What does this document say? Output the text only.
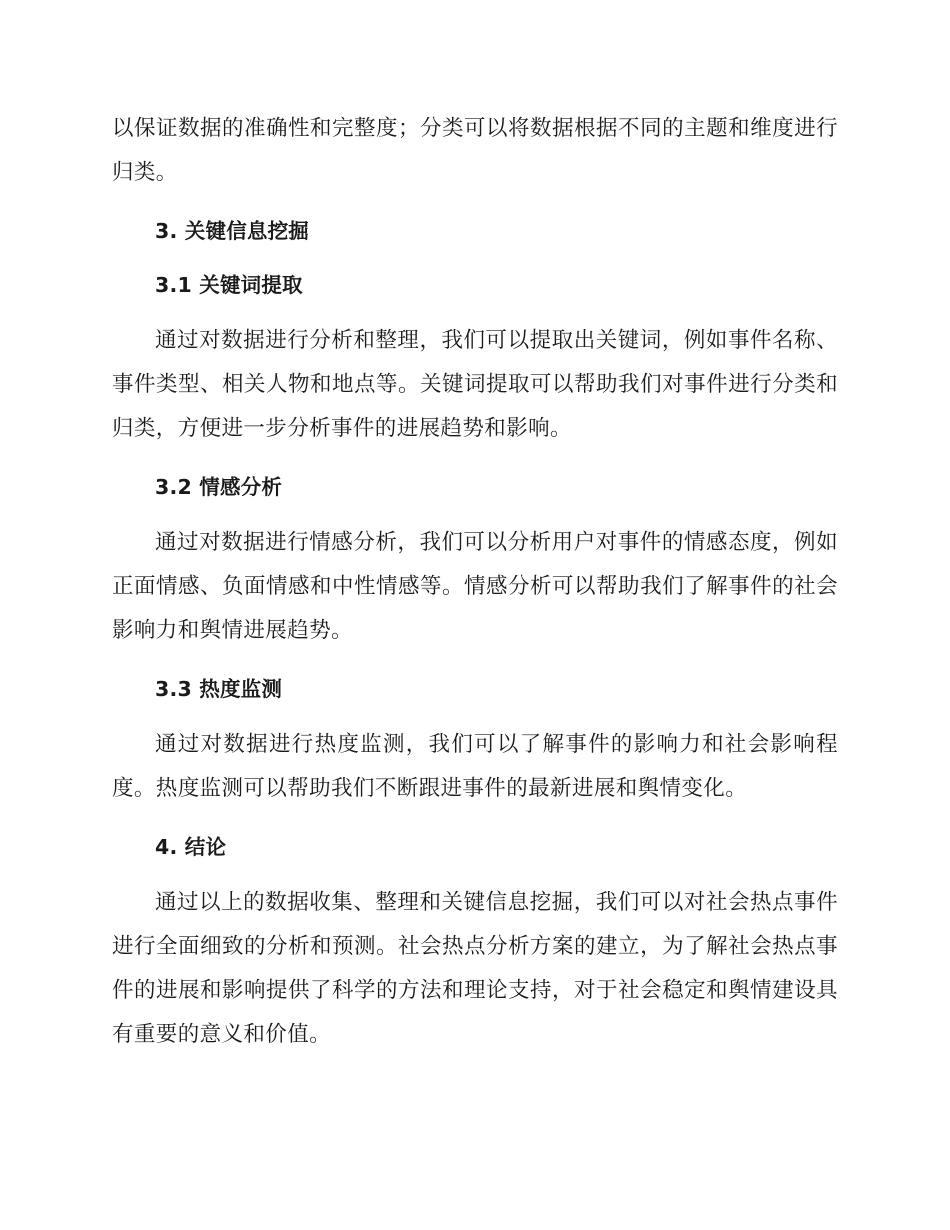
以保证数据的准确性和完整度；分类可以将数据根据不同的主题和维度进行归类。

3. 关键信息挖掘
3.1 关键词提取

通过对数据进行分析和整理，我们可以提取出关键词，例如事件名称、事件类型、相关人物和地点等。关键词提取可以帮助我们对事件进行分类和归类，方便进一步分析事件的进展趋势和影响。

3.2 情感分析

通过对数据进行情感分析，我们可以分析用户对事件的情感态度，例如正面情感、负面情感和中性情感等。情感分析可以帮助我们了解事件的社会影响力和舆情进展趋势。

3.3 热度监测

通过对数据进行热度监测，我们可以了解事件的影响力和社会影响程度。热度监测可以帮助我们不断跟进事件的最新进展和舆情变化。

4. 结论

通过以上的数据收集、整理和关键信息挖掘，我们可以对社会热点事件进行全面细致的分析和预测。社会热点分析方案的建立，为了解社会热点事件的进展和影响提供了科学的方法和理论支持，对于社会稳定和舆情建设具有重要的意义和价值。
